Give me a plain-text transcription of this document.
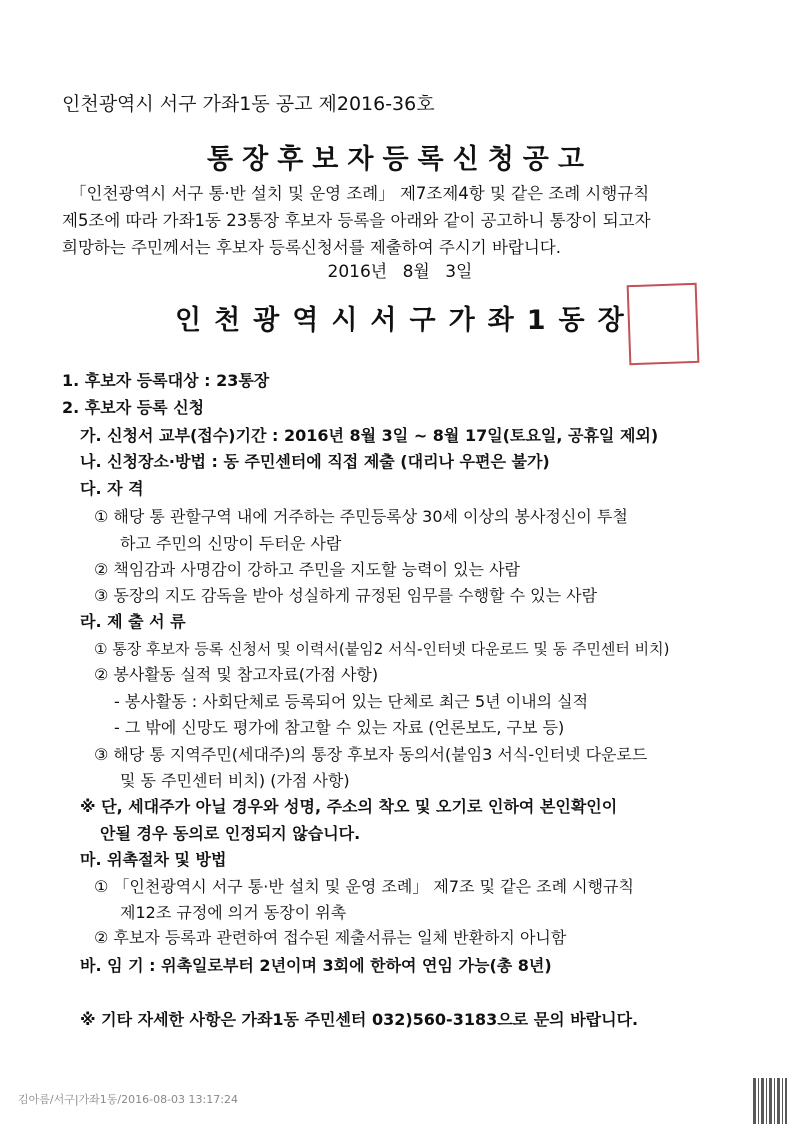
인천광역시 서구 가좌1동 공고 제2016-36호
통장후보자등록신청공고
「인천광역시 서구 통·반 설치 및 운영 조례」 제7조제4항 및 같은 조례 시행규칙
제5조에 따라 가좌1동 23통장 후보자 등록을 아래와 같이 공고하니 통장이 되고자
희망하는 주민께서는 후보자 등록신청서를 제출하여 주시기 바랍니다.
2016년 8월 3일
인천광역시서구가좌1동장
1. 후보자 등록대상 : 23통장
2. 후보자 등록 신청
가. 신청서 교부(접수)기간 : 2016년 8월 3일 ~ 8월 17일(토요일, 공휴일 제외)
나. 신청장소·방법 : 동 주민센터에 직접 제출 (대리나 우편은 불가)
다. 자 격
① 해당 통 관할구역 내에 거주하는 주민등록상 30세 이상의 봉사정신이 투철
하고 주민의 신망이 두터운 사람
② 책임감과 사명감이 강하고 주민을 지도할 능력이 있는 사람
③ 동장의 지도 감독을 받아 성실하게 규정된 임무를 수행할 수 있는 사람
라. 제 출 서 류
① 통장 후보자 등록 신청서 및 이력서(붙임2 서식-인터넷 다운로드 및 동 주민센터 비치)
② 봉사활동 실적 및 참고자료(가점 사항)
- 봉사활동 : 사회단체로 등록되어 있는 단체로 최근 5년 이내의 실적
- 그 밖에 신망도 평가에 참고할 수 있는 자료 (언론보도, 구보 등)
③ 해당 통 지역주민(세대주)의 통장 후보자 동의서(붙임3 서식-인터넷 다운로드
및 동 주민센터 비치) (가점 사항)
※ 단, 세대주가 아닐 경우와 성명, 주소의 착오 및 오기로 인하여 본인확인이
안될 경우 동의로 인정되지 않습니다.
마. 위촉절차 및 방법
① 「인천광역시 서구 통·반 설치 및 운영 조례」 제7조 및 같은 조례 시행규칙
제12조 규정에 의거 동장이 위촉
② 후보자 등록과 관련하여 접수된 제출서류는 일체 반환하지 아니함
바. 임 기 : 위촉일로부터 2년이며 3회에 한하여 연임 가능(총 8년)
※ 기타 자세한 사항은 가좌1동 주민센터 032)560-3183으로 문의 바랍니다.
김아름/서구|가좌1동/2016-08-03 13:17:24
